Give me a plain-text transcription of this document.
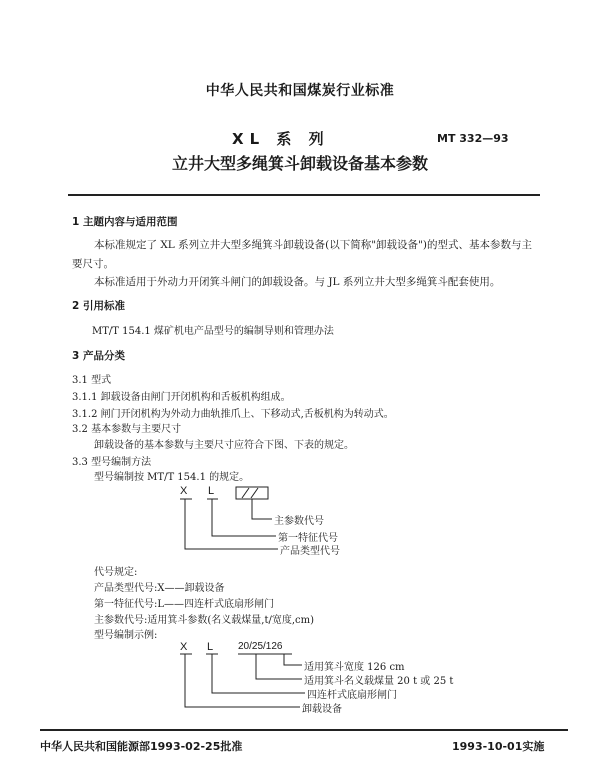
中华人民共和国煤炭行业标准
XL 系 列	MT 332—93
立井大型多绳箕斗卸载设备基本参数
1 主题内容与适用范围
本标准规定了 XL 系列立井大型多绳箕斗卸载设备(以下简称"卸载设备")的型式、基本参数与主
要尺寸。
本标准适用于外动力开闭箕斗闸门的卸载设备。与 JL 系列立井大型多绳箕斗配套使用。
2 引用标准
MT/T 154.1 煤矿机电产品型号的编制导则和管理办法
3 产品分类
3.1 型式
3.1.1 卸载设备由闸门开闭机构和舌板机构组成。
3.1.2 闸门开闭机构为外动力曲轨推爪上、下移动式,舌板机构为转动式。
3.2 基本参数与主要尺寸
卸载设备的基本参数与主要尺寸应符合下图、下表的规定。
3.3 型号编制方法
型号编制按 MT/T 154.1 的规定。
X L
主参数代号
第一特征代号
产品类型代号
代号规定:
产品类型代号:X——卸载设备
第一特征代号:L——四连杆式底扇形闸门
主参数代号:适用箕斗参数(名义载煤量,t/宽度,cm)
型号编制示例:
X L 20/25/126
适用箕斗宽度 126 cm
适用箕斗名义载煤量 20 t 或 25 t
四连杆式底扇形闸门
卸载设备
中华人民共和国能源部1993-02-25批准	1993-10-01实施
